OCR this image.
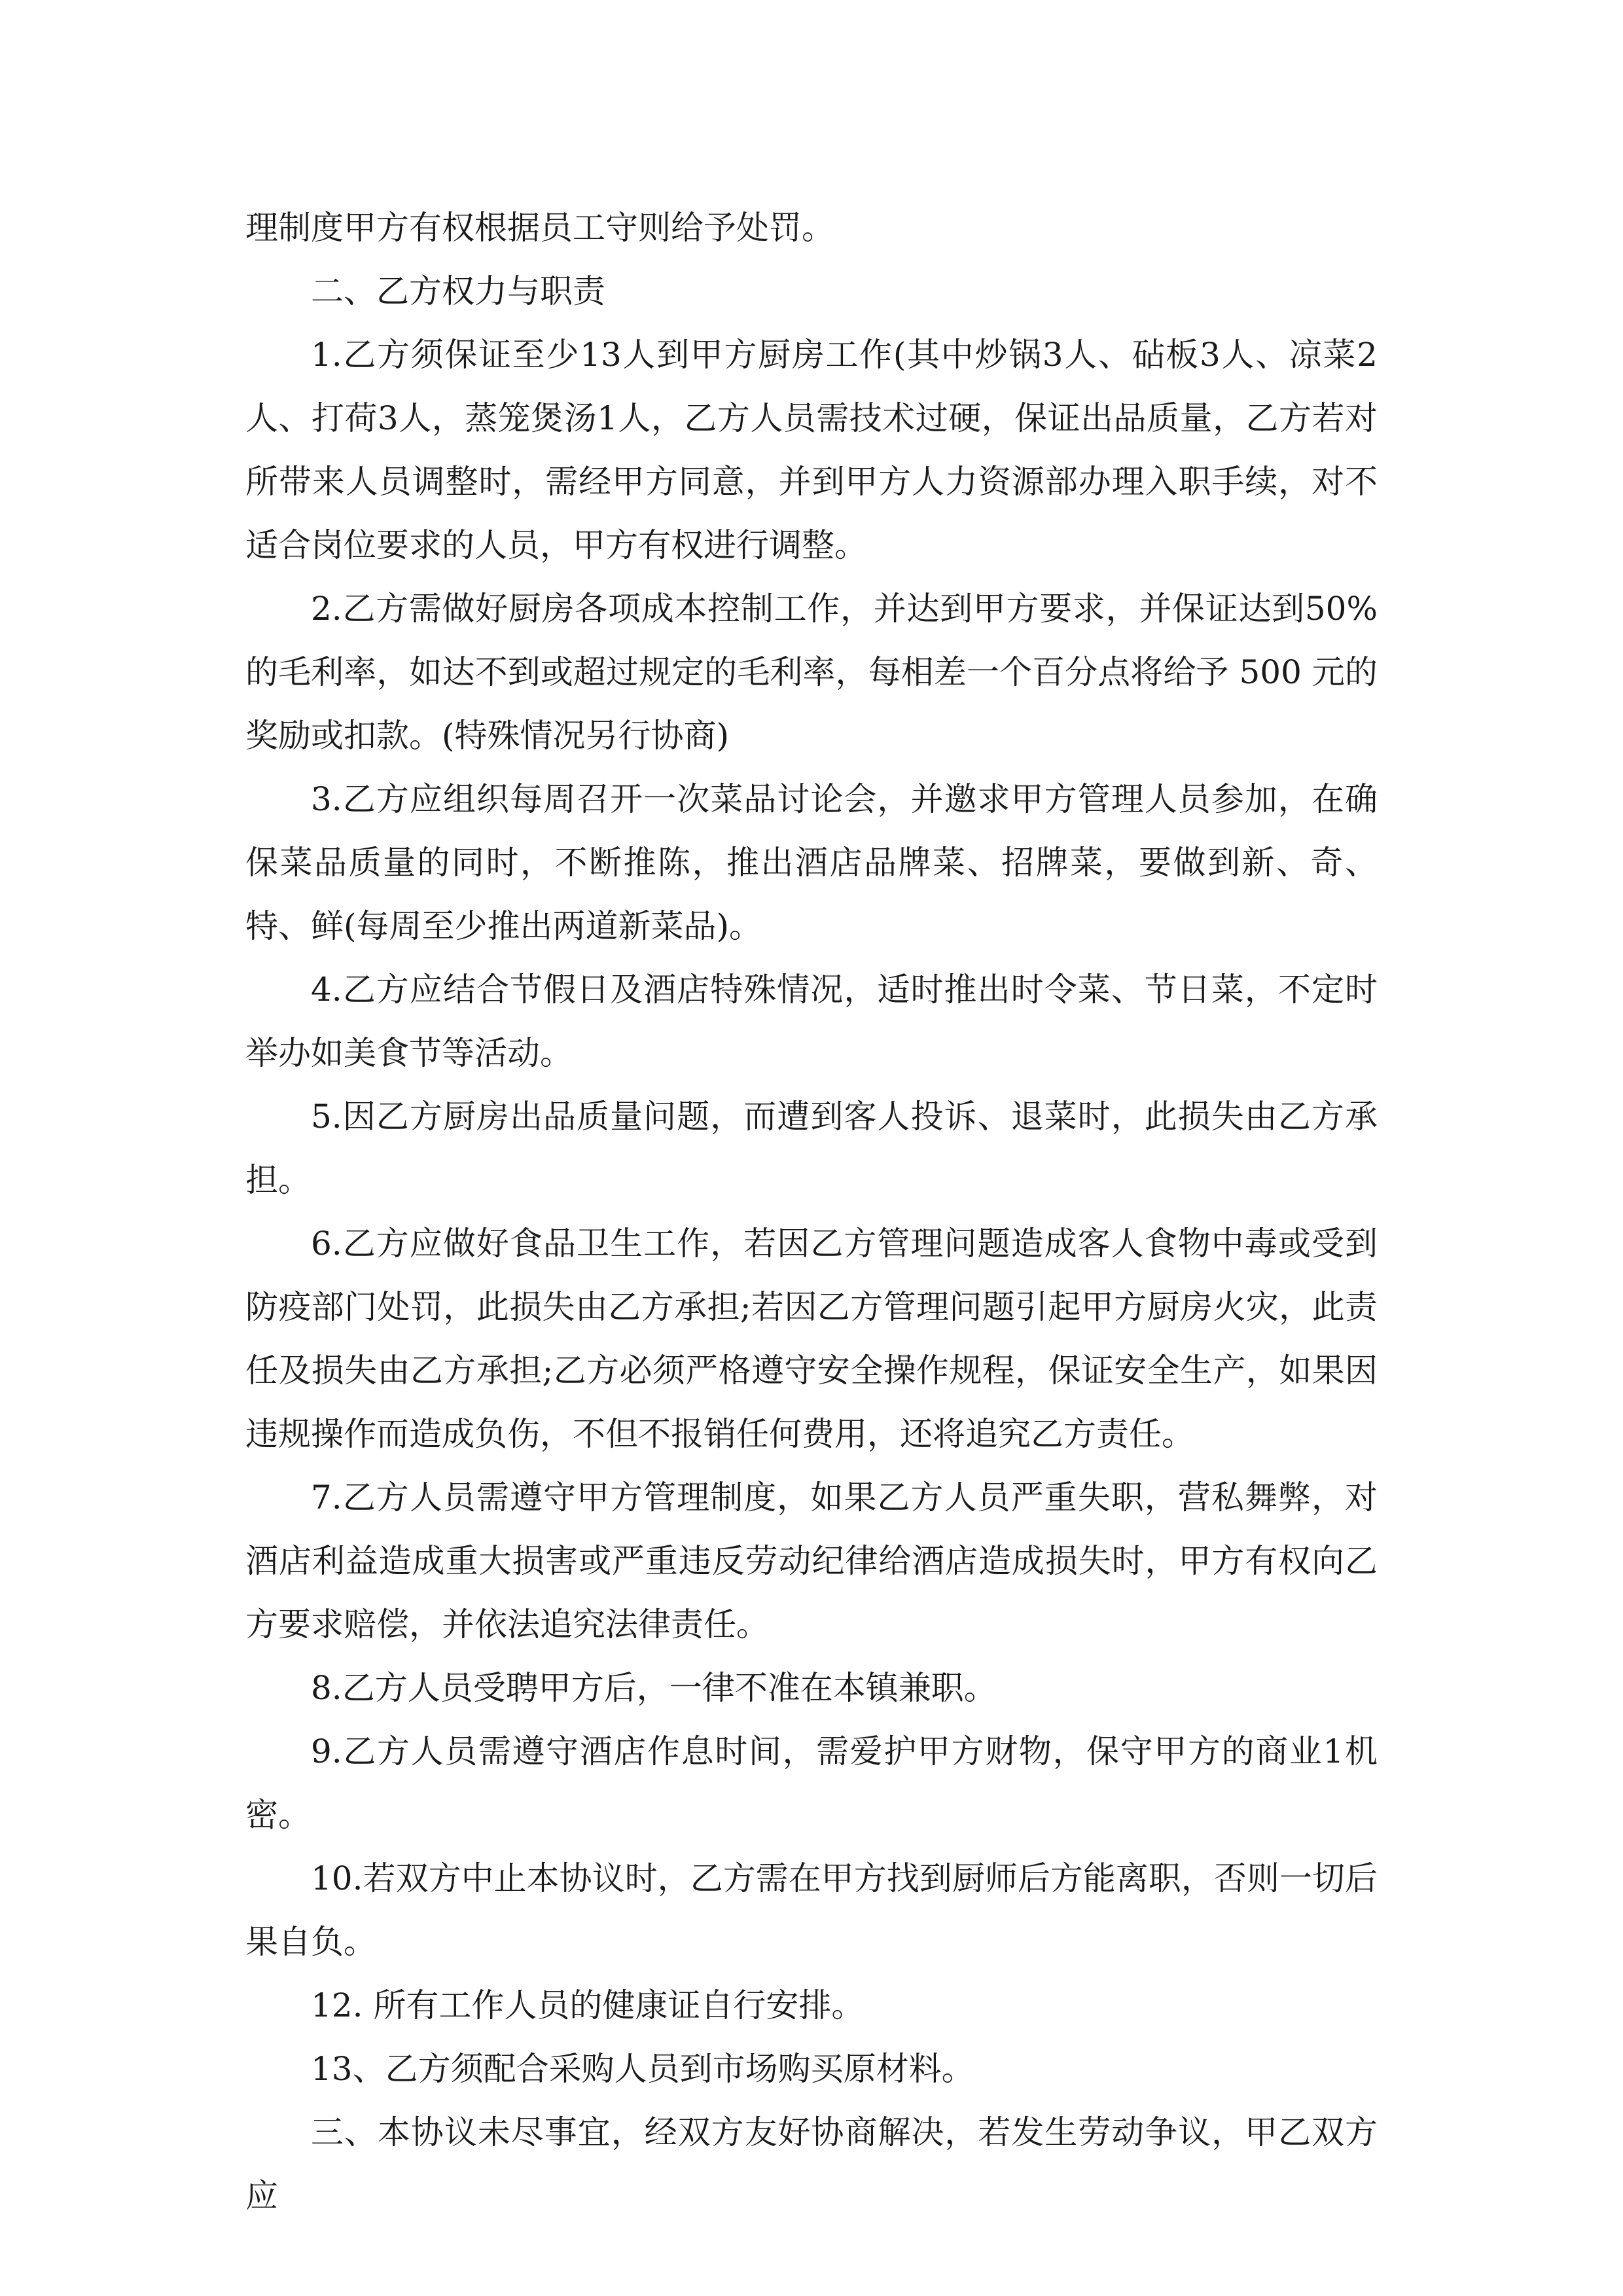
理制度甲方有权根据员工守则给予处罚。

二、乙方权力与职责

1.乙方须保证至少13人到甲方厨房工作(其中炒锅3人、砧板3人、凉菜2人、打荷3人，蒸笼煲汤1人，乙方人员需技术过硬，保证出品质量，乙方若对所带来人员调整时，需经甲方同意，并到甲方人力资源部办理入职手续，对不适合岗位要求的人员，甲方有权进行调整。

2.乙方需做好厨房各项成本控制工作，并达到甲方要求，并保证达到50%的毛利率，如达不到或超过规定的毛利率，每相差一个百分点将给予 500 元的奖励或扣款。(特殊情况另行协商)

3.乙方应组织每周召开一次菜品讨论会，并邀求甲方管理人员参加，在确保菜品质量的同时，不断推陈，推出酒店品牌菜、招牌菜，要做到新、奇、特、鲜(每周至少推出两道新菜品)。

4.乙方应结合节假日及酒店特殊情况，适时推出时令菜、节日菜，不定时举办如美食节等活动。

5.因乙方厨房出品质量问题，而遭到客人投诉、退菜时，此损失由乙方承担。

6.乙方应做好食品卫生工作，若因乙方管理问题造成客人食物中毒或受到防疫部门处罚，此损失由乙方承担;若因乙方管理问题引起甲方厨房火灾，此责任及损失由乙方承担;乙方必须严格遵守安全操作规程，保证安全生产，如果因违规操作而造成负伤，不但不报销任何费用，还将追究乙方责任。

7.乙方人员需遵守甲方管理制度，如果乙方人员严重失职，营私舞弊，对酒店利益造成重大损害或严重违反劳动纪律给酒店造成损失时，甲方有权向乙方要求赔偿，并依法追究法律责任。

8.乙方人员受聘甲方后，一律不准在本镇兼职。

9.乙方人员需遵守酒店作息时间，需爱护甲方财物，保守甲方的商业1机密。

10.若双方中止本协议时，乙方需在甲方找到厨师后方能离职，否则一切后果自负。

12. 所有工作人员的健康证自行安排。

13、乙方须配合采购人员到市场购买原材料。

三、本协议未尽事宜，经双方友好协商解决，若发生劳动争议，甲乙双方应
